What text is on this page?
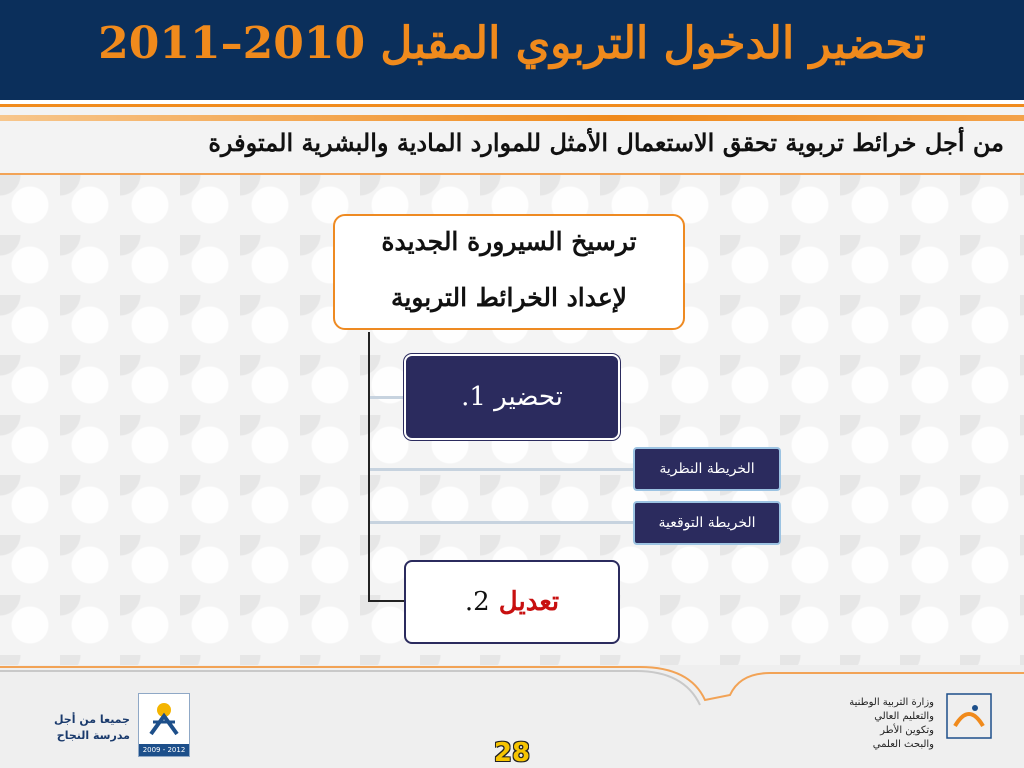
تحضير الدخول التربوي المقبل 2010–2011
من أجل خرائط تربوية تحقق الاستعمال الأمثل للموارد المادية والبشرية المتوفرة
ترسيخ السيرورة الجديدة
لإعداد الخرائط التربوية
تحضير

1.
الخريطة النظرية
الخريطة التوقعية
تعديل

2.
جميعا من أجل
مدرسة النجاح
2009 - 2012	28
وزارة التربية الوطنية
والتعليم العالي
وتكوين الأطر
والبحث العلمي
